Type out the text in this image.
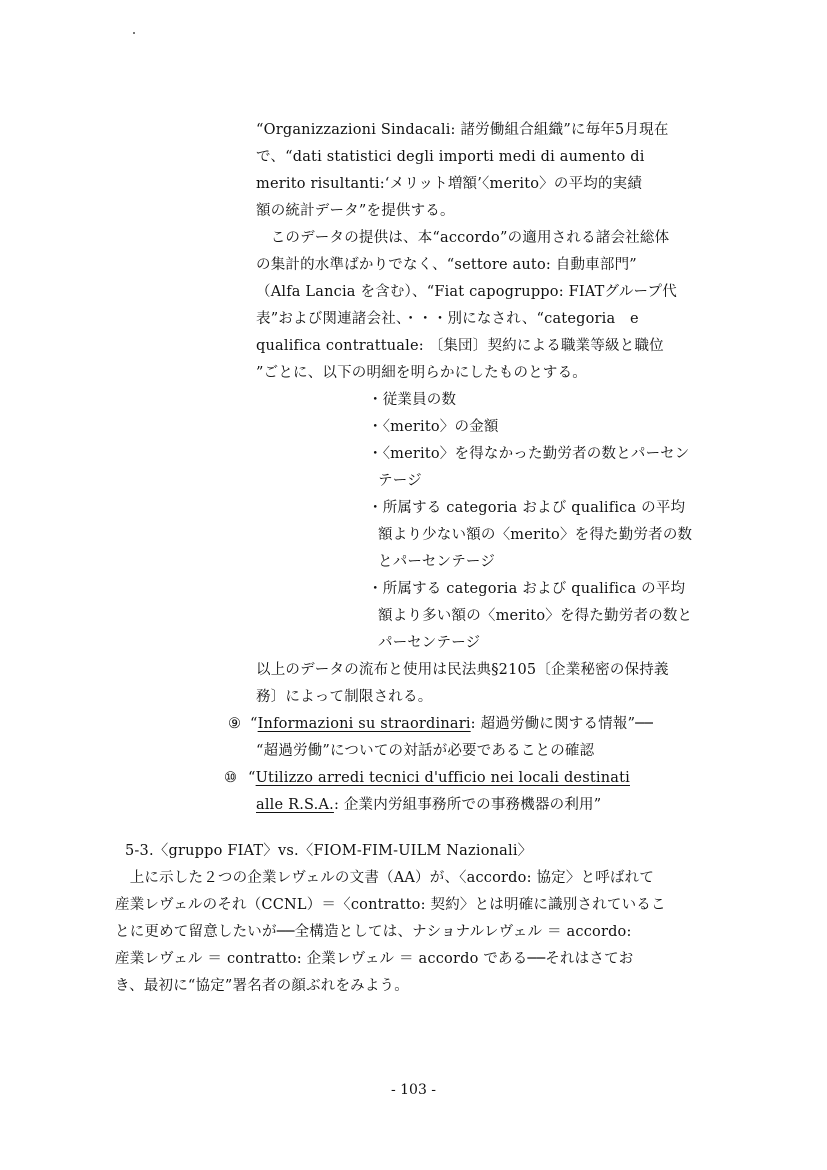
“Organizzazioni Sindacali: 諸労働組合組織”に毎年5月現在
で、“dati statistici degli importi medi di aumento di
merito risultanti:‘メリット増額’〈merito〉の平均的実績
額の統計データ”を提供する。
　このデータの提供は、本“accordo”の適用される諸会社総体
の集計的水準ばかりでなく、“settore auto: 自動車部門”
（Alfa Lancia を含む）、“Fiat capogruppo: FIATグループ代
表”および関連諸会社、・・・別になされ、“categoria　e
qualifica contrattuale: 〔集団〕契約による職業等級と職位
”ごとに、以下の明細を明らかにしたものとする。
・従業員の数
・〈merito〉の金額
・〈merito〉を得なかった勤労者の数とパーセン
テージ
・所属する categoria および qualifica の平均
額より少ない額の〈merito〉を得た勤労者の数
とパーセンテージ
・所属する categoria および qualifica の平均
額より多い額の〈merito〉を得た勤労者の数と
パーセンテージ
以上のデータの流布と使用は民法典§2105〔企業秘密の保持義
務〕によって制限される。
⑨ “Informazioni su straordinari: 超過労働に関する情報”──
“超過労働”についての対話が必要であることの確認
⑩ “Utilizzo arredi tecnici d'ufficio nei locali destinati
alle R.S.A.: 企業内労組事務所での事務機器の利用”
5-3.〈gruppo FIAT〉vs.〈FIOM-FIM-UILM Nazionali〉
　上に示した２つの企業レヴェルの文書（AA）が、〈accordo: 協定〉と呼ばれて
産業レヴェルのそれ（CCNL）＝〈contratto: 契約〉とは明確に識別されているこ
とに更めて留意したいが──全構造としては、ナショナルレヴェル ＝ accordo:
産業レヴェル ＝ contratto: 企業レヴェル ＝ accordo である──それはさてお
き、最初に“協定”署名者の顔ぶれをみよう。
- 103 -
